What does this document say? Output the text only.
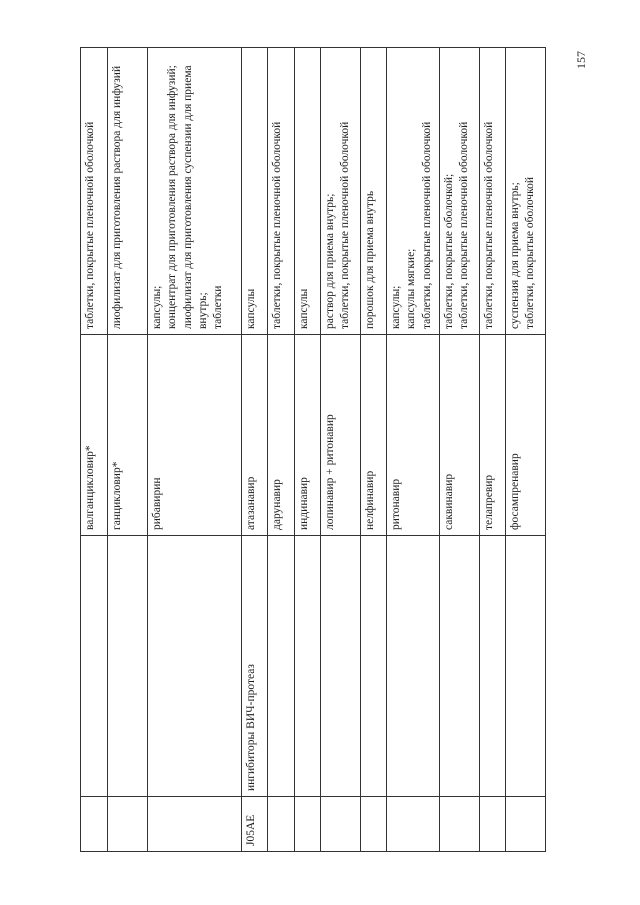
157
		валганцикловир*	таблетки, покрытые пленочной оболочкой

		ганцикловир*	лиофилизат для приготовления раствора для инфузий

		рибавирин	капсулы; концентрат для приготовления раствора для инфузий; лиофилизат для приготовления суспензии для приема внутрь; таблетки

J05AE	ингибиторы ВИЧ-протеаз	атазанавир	капсулы

		дарунавир	таблетки, покрытые пленочной оболочкой

		индинавир	капсулы

		лопинавир + ритонавир	раствор для приема внутрь; таблетки, покрытые пленочной оболочкой

		нелфинавир	порошок для приема внутрь

		ритонавир	капсулы; капсулы мягкие; таблетки, покрытые пленочной оболочкой

		саквинавир	таблетки, покрытые оболочкой; таблетки, покрытые пленочной оболочкой

		телапревир	таблетки, покрытые пленочной оболочкой

		фосампренавир	суспензия для приема внутрь; таблетки, покрытые оболочкой
